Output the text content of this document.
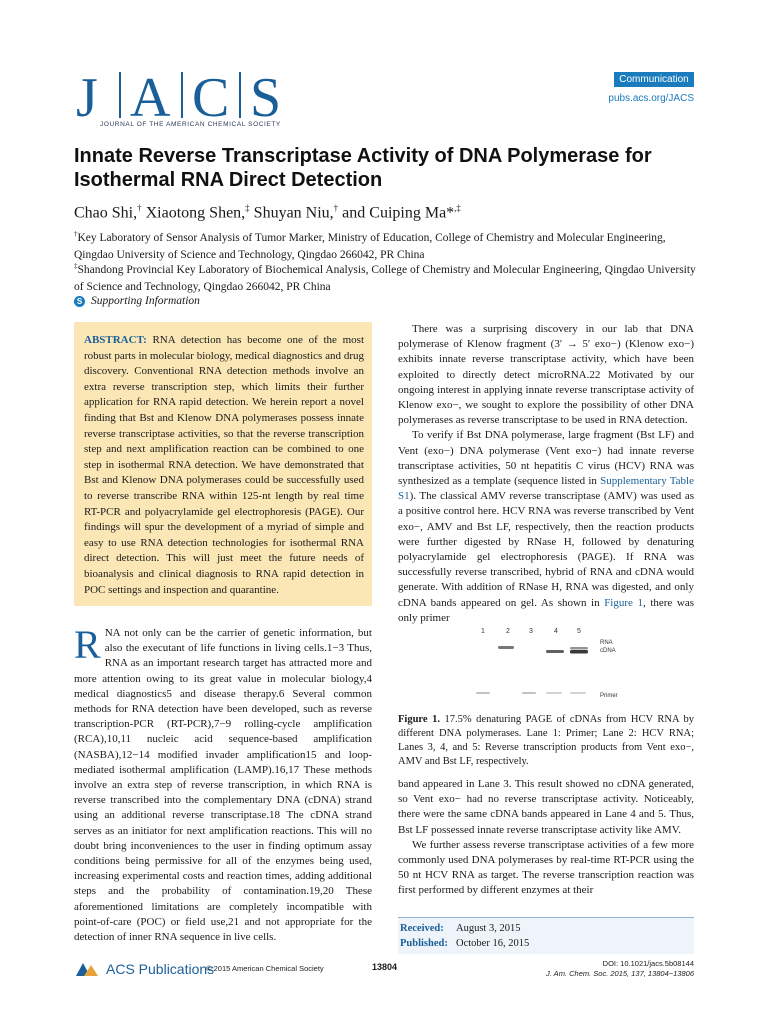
J A C S
JOURNAL OF THE AMERICAN CHEMICAL SOCIETY
Communication
pubs.acs.org/JACS
Innate Reverse Transcriptase Activity of DNA Polymerase for Isothermal RNA Direct Detection
Chao Shi,† Xiaotong Shen,‡ Shuyan Niu,† and Cuiping Ma*,‡
†Key Laboratory of Sensor Analysis of Tumor Marker, Ministry of Education, College of Chemistry and Molecular Engineering, Qingdao University of Science and Technology, Qingdao 266042, PR China
‡Shandong Provincial Key Laboratory of Biochemical Analysis, College of Chemistry and Molecular Engineering, Qingdao University of Science and Technology, Qingdao 266042, PR China
S Supporting Information
ABSTRACT: RNA detection has become one of the most robust parts in molecular biology, medical diagnostics and drug discovery. Conventional RNA detection methods involve an extra reverse transcription step, which limits their further application for RNA rapid detection. We herein report a novel finding that Bst and Klenow DNA polymerases possess innate reverse transcriptase activities, so that the reverse transcription step and next amplification reaction can be combined to one step in isothermal RNA detection. We have demonstrated that Bst and Klenow DNA polymerases could be successfully used to reverse transcribe RNA within 125-nt length by real time RT-PCR and polyacrylamide gel electrophoresis (PAGE). Our findings will spur the development of a myriad of simple and easy to use RNA detection technologies for isothermal RNA direct detection. This will just meet the future needs of bioanalysis and clinical diagnosis to RNA rapid detection in POC settings and inspection and quarantine.

RNA not only can be the carrier of genetic information, but also the executant of life functions in living cells.1−3 Thus, RNA as an important research target has attracted more and more attention owing to its great value in molecular biology,4 medical diagnostics5 and disease therapy.6 Several common methods for RNA detection have been developed, such as reverse transcription-PCR (RT-PCR),7−9 rolling-cycle amplification (RCA),10,11 nucleic acid sequence-based amplification (NASBA),12−14 modified invader amplification15 and loop-mediated isothermal amplification (LAMP).16,17 These methods involve an extra step of reverse transcription, in which RNA is reverse transcribed into the complementary DNA (cDNA) strand using an additional reverse transcriptase.18 The cDNA strand serves as an initiator for next amplification reactions. This will no doubt bring inconveniences to the user in finding optimum assay conditions being permissive for all of the enzymes being used, increasing experimental costs and reaction times, adding additional steps and the probability of contamination.19,20 These aforementioned limitations are completely incompatible with point-of-care (POC) or field use,21 and not appropriate for the detection of inner RNA sequence in live cells.

There was a surprising discovery in our lab that DNA polymerase of Klenow fragment (3′ → 5′ exo−) (Klenow exo−) exhibits innate reverse transcriptase activity, which have been exploited to directly detect microRNA.22 Motivated by our ongoing interest in applying innate reverse transcriptase activity of Klenow exo−, we sought to explore the possibility of other DNA polymerases as reverse transcriptase to be used in RNA detection.

To verify if Bst DNA polymerase, large fragment (Bst LF) and Vent (exo−) DNA polymerase (Vent exo−) had innate reverse transcriptase activities, 50 nt hepatitis C virus (HCV) RNA was synthesized as a template (sequence listed in Supplementary Table S1). The classical AMV reverse transcriptase (AMV) was used as a positive control here. HCV RNA was reverse transcribed by Vent exo−, AMV and Bst LF, respectively, then the reaction products were further digested by RNase H, followed by denaturing polyacrylamide gel electrophoresis (PAGE). If RNA was successfully reverse transcribed, hybrid of RNA and cDNA would generate. With addition of RNase H, RNA was digested, and only cDNA bands appeared on gel. As shown in Figure 1, there was only primer

1	2	3	4	5
RNA
cDNA
Primer
Figure 1. 17.5% denaturing PAGE of cDNAs from HCV RNA by different DNA polymerases. Lane 1: Primer; Lane 2: HCV RNA; Lanes 3, 4, and 5: Reverse transcription products from Vent exo−, AMV and Bst LF, respectively.

band appeared in Lane 3. This result showed no cDNA generated, so Vent exo− had no reverse transcriptase activity. Noticeably, there were the same cDNA bands appeared in Lane 4 and 5. Thus, Bst LF possessed innate reverse transcriptase activity like AMV.

We further assess reverse transcriptase activities of a few more commonly used DNA polymerases by real-time RT-PCR using the 50 nt HCV RNA as target. The reverse transcription reaction was first performed by different enzymes at their

Received: August 3, 2015
Published: October 16, 2015
ACS Publications
© 2015 American Chemical Society	13804	DOI: 10.1021/jacs.5b08144
J. Am. Chem. Soc. 2015, 137, 13804−13806
